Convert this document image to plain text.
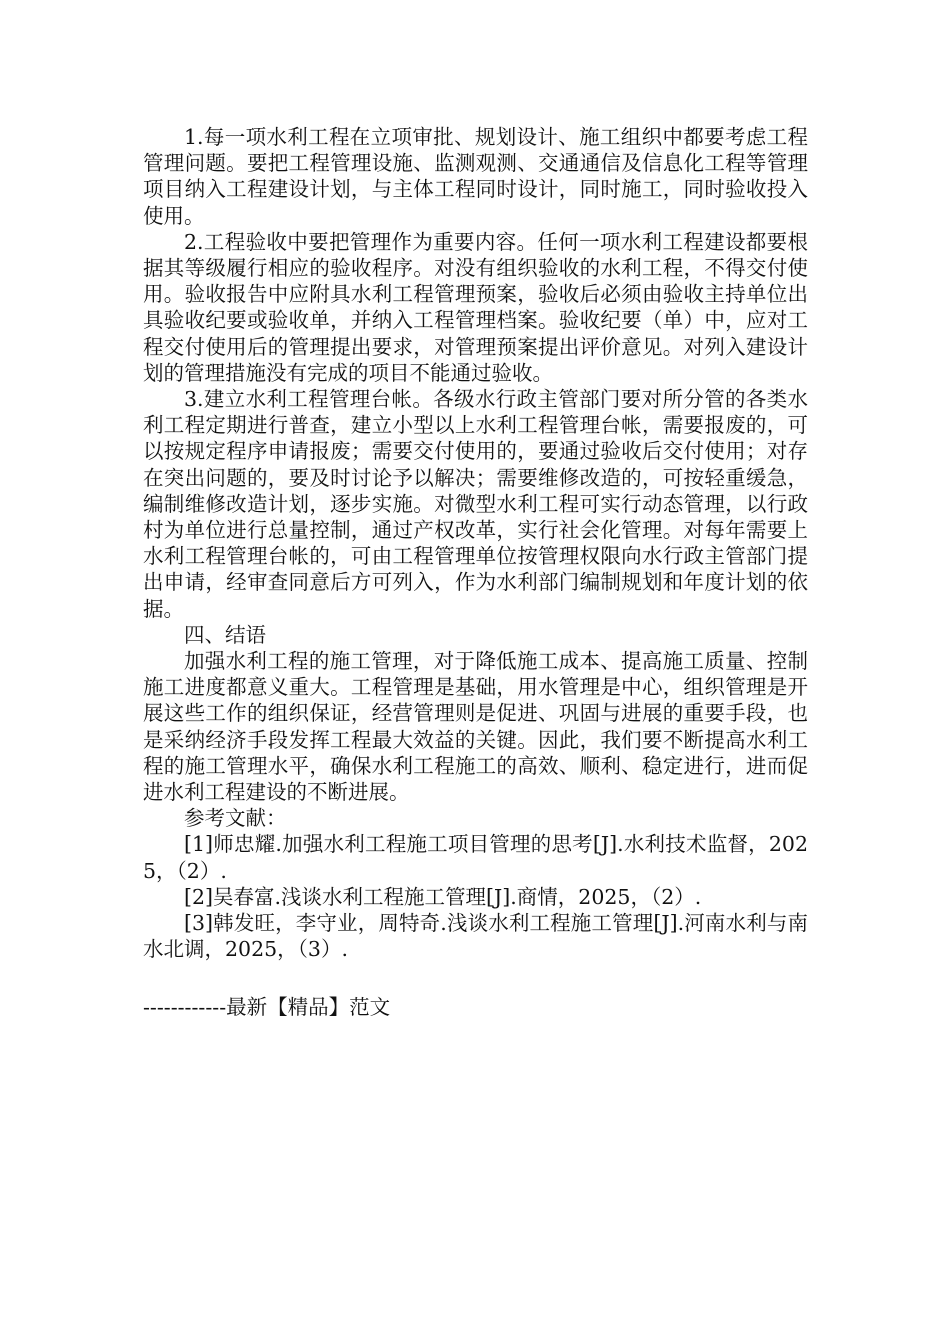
1.每一项水利工程在立项审批、规划设计、施工组织中都要考虑工程管理问题。要把工程管理设施、监测观测、交通通信及信息化工程等管理项目纳入工程建设计划，与主体工程同时设计，同时施工，同时验收投入使用。

2.工程验收中要把管理作为重要内容。任何一项水利工程建设都要根据其等级履行相应的验收程序。对没有组织验收的水利工程，不得交付使用。验收报告中应附具水利工程管理预案，验收后必须由验收主持单位出具验收纪要或验收单，并纳入工程管理档案。验收纪要（单）中，应对工程交付使用后的管理提出要求，对管理预案提出评价意见。对列入建设计划的管理措施没有完成的项目不能通过验收。

3.建立水利工程管理台帐。各级水行政主管部门要对所分管的各类水利工程定期进行普查，建立小型以上水利工程管理台帐，需要报废的，可以按规定程序申请报废；需要交付使用的，要通过验收后交付使用；对存在突出问题的，要及时讨论予以解决；需要维修改造的，可按轻重缓急，编制维修改造计划，逐步实施。对微型水利工程可实行动态管理，以行政村为单位进行总量控制，通过产权改革，实行社会化管理。对每年需要上水利工程管理台帐的，可由工程管理单位按管理权限向水行政主管部门提出申请，经审查同意后方可列入，作为水利部门编制规划和年度计划的依据。

四、结语

加强水利工程的施工管理，对于降低施工成本、提高施工质量、控制施工进度都意义重大。工程管理是基础，用水管理是中心，组织管理是开展这些工作的组织保证，经营管理则是促进、巩固与进展的重要手段，也是采纳经济手段发挥工程最大效益的关键。因此，我们要不断提高水利工程的施工管理水平，确保水利工程施工的高效、顺利、稳定进行，进而促进水利工程建设的不断进展。

参考文献：

[1]师忠耀.加强水利工程施工项目管理的思考[J].水利技术监督，2025，（2）.

[2]吴春富.浅谈水利工程施工管理[J].商情，2025，（2）.

[3]韩发旺，李守业，周特奇.浅谈水利工程施工管理[J].河南水利与南水北调，2025，（3）.

------------最新【精品】范文
